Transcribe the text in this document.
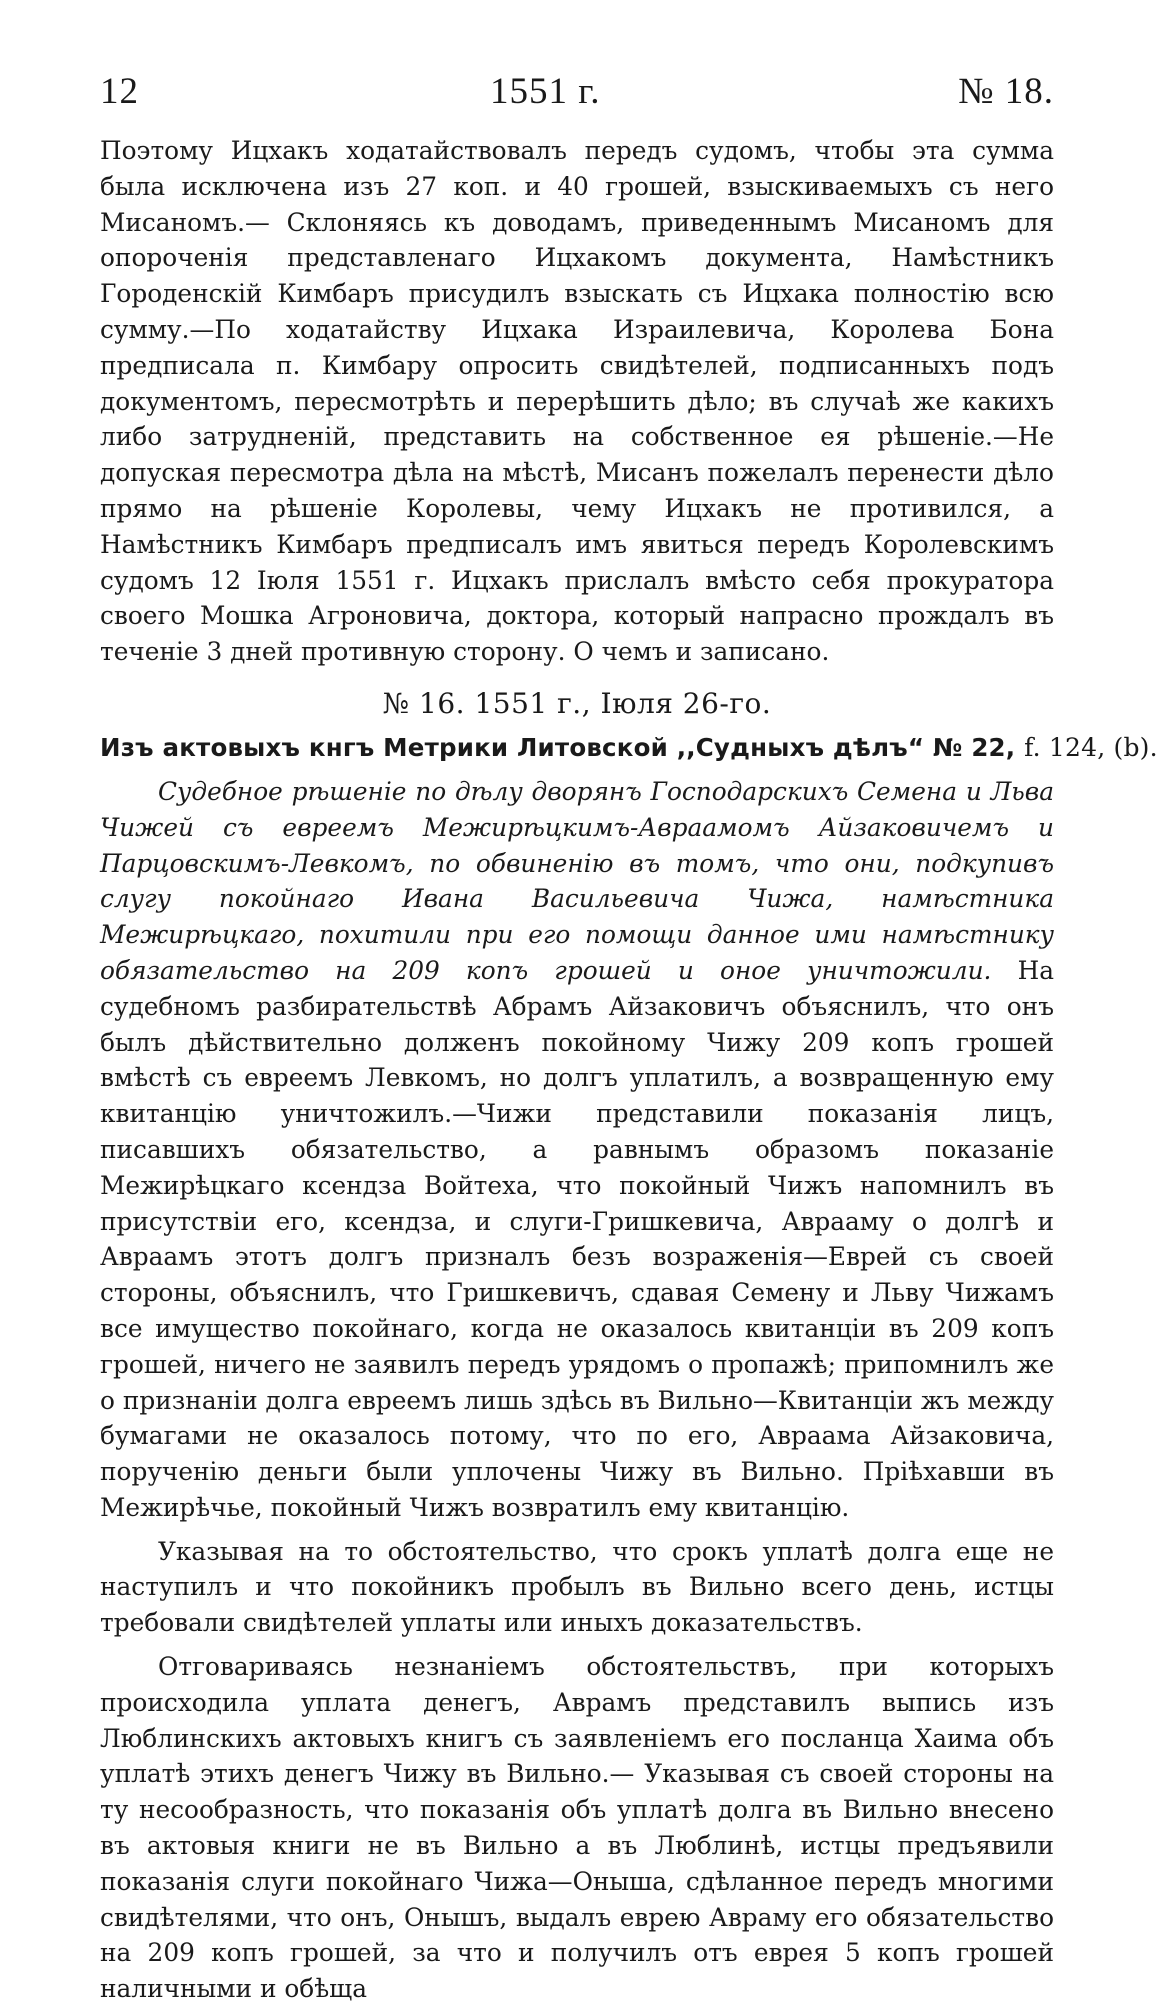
12	1551 г.	№ 18.

Поэтому Ицхакъ ходатайствовалъ передъ судомъ, чтобы эта сумма была исключена изъ 27 коп. и 40 грошей, взыскиваемыхъ съ него Мисаномъ.— Склоняясь къ доводамъ, приведеннымъ Мисаномъ для опороченiя представленаго Ицхакомъ документа, Намѣстникъ Городенскiй Кимбаръ присудилъ взыскать съ Ицхака полностiю всю сумму.—По ходатайству Ицхака Израилевича, Королева Бона предписала п. Кимбару опросить свидѣтелей, подписанныхъ подъ документомъ, пересмотрѣть и перерѣшить дѣло; въ случаѣ же какихъ либо затрудненiй, представить на собственное ея рѣшенiе.—Не допуская пересмотра дѣла на мѣстѣ, Мисанъ пожелалъ перенести дѣло прямо на рѣшенiе Королевы, чему Ицхакъ не противился, а Намѣстникъ Кимбаръ предписалъ имъ явиться передъ Королевскимъ судомъ 12 Iюля 1551 г. Ицхакъ прислалъ вмѣсто себя прокуратора своего Мошка Агроновича, доктора, который напрасно прождалъ въ теченiе 3 дней противную сторону. О чемъ и записано.

№ 16. 1551 г., Iюля 26-го.
Изъ актовыхъ кнгъ Метрики Литовской ,,Судныхъ дѣлъ“ № 22, f. 124, (b).

Судебное рѣшенiе по дѣлу дворянъ Господарскихъ Семена и Льва Чижей съ евреемъ Межирѣцкимъ-Авраамомъ Айзаковичемъ и Парцовскимъ-Левкомъ, по обвиненiю въ томъ, что они, подкупивъ слугу покойнаго Ивана Васильевича Чижа, намѣстника Межирѣцкаго, похитили при его помощи данное ими намѣстнику обязательство на 209 копъ грошей и оное уничтожили. На судебномъ разбирательствѣ Абрамъ Айзаковичъ объяснилъ, что онъ былъ дѣйствительно долженъ покойному Чижу 209 копъ грошей вмѣстѣ съ евреемъ Левкомъ, но долгъ уплатилъ, а возвращенную ему квитанцiю уничтожилъ.—Чижи представили показанiя лицъ, писавшихъ обязательство, а равнымъ образомъ показанiе Межирѣцкаго ксендза Войтеха, что покойный Чижъ напомнилъ въ присутствiи его, ксендза, и слуги-Гришкевича, Аврааму о долгѣ и Авраамъ этотъ долгъ призналъ безъ возраженiя—Еврей съ своей стороны, объяснилъ, что Гришкевичъ, сдавая Семену и Льву Чижамъ все имущество покойнаго, когда не оказалось квитанцiи въ 209 копъ грошей, ничего не заявилъ передъ урядомъ о пропажѣ; припомнилъ же о признанiи долга евреемъ лишь здѣсь въ Вильно—Квитанцiи жъ между бумагами не оказалось потому, что по его, Авраама Айзаковича, порученiю деньги были уплочены Чижу въ Вильно. Прiѣхавши въ Межирѣчье, покойный Чижъ возвратилъ ему квитанцiю.

Указывая на то обстоятельство, что срокъ уплатѣ долга еще не наступилъ и что покойникъ пробылъ въ Вильно всего день, истцы требовали свидѣтелей уплаты или иныхъ доказательствъ.

Отговариваясь незнанiемъ обстоятельствъ, при которыхъ происходила уплата денегъ, Аврамъ представилъ выпись изъ Люблинскихъ актовыхъ книгъ съ заявленiемъ его посланца Хаима объ уплатѣ этихъ денегъ Чижу въ Вильно.— Указывая съ своей стороны на ту несообразность, что показанiя объ уплатѣ долга въ Вильно внесено въ актовыя книги не въ Вильно а въ Люблинѣ, истцы предъявили показанiя слуги покойнаго Чижа—Оныша, сдѣланное передъ многими свидѣтелями, что онъ, Онышъ, выдалъ еврею Авраму его обязательство на 209 копъ грошей, за что и получилъ отъ еврея 5 копъ грошей наличными и обѣща
